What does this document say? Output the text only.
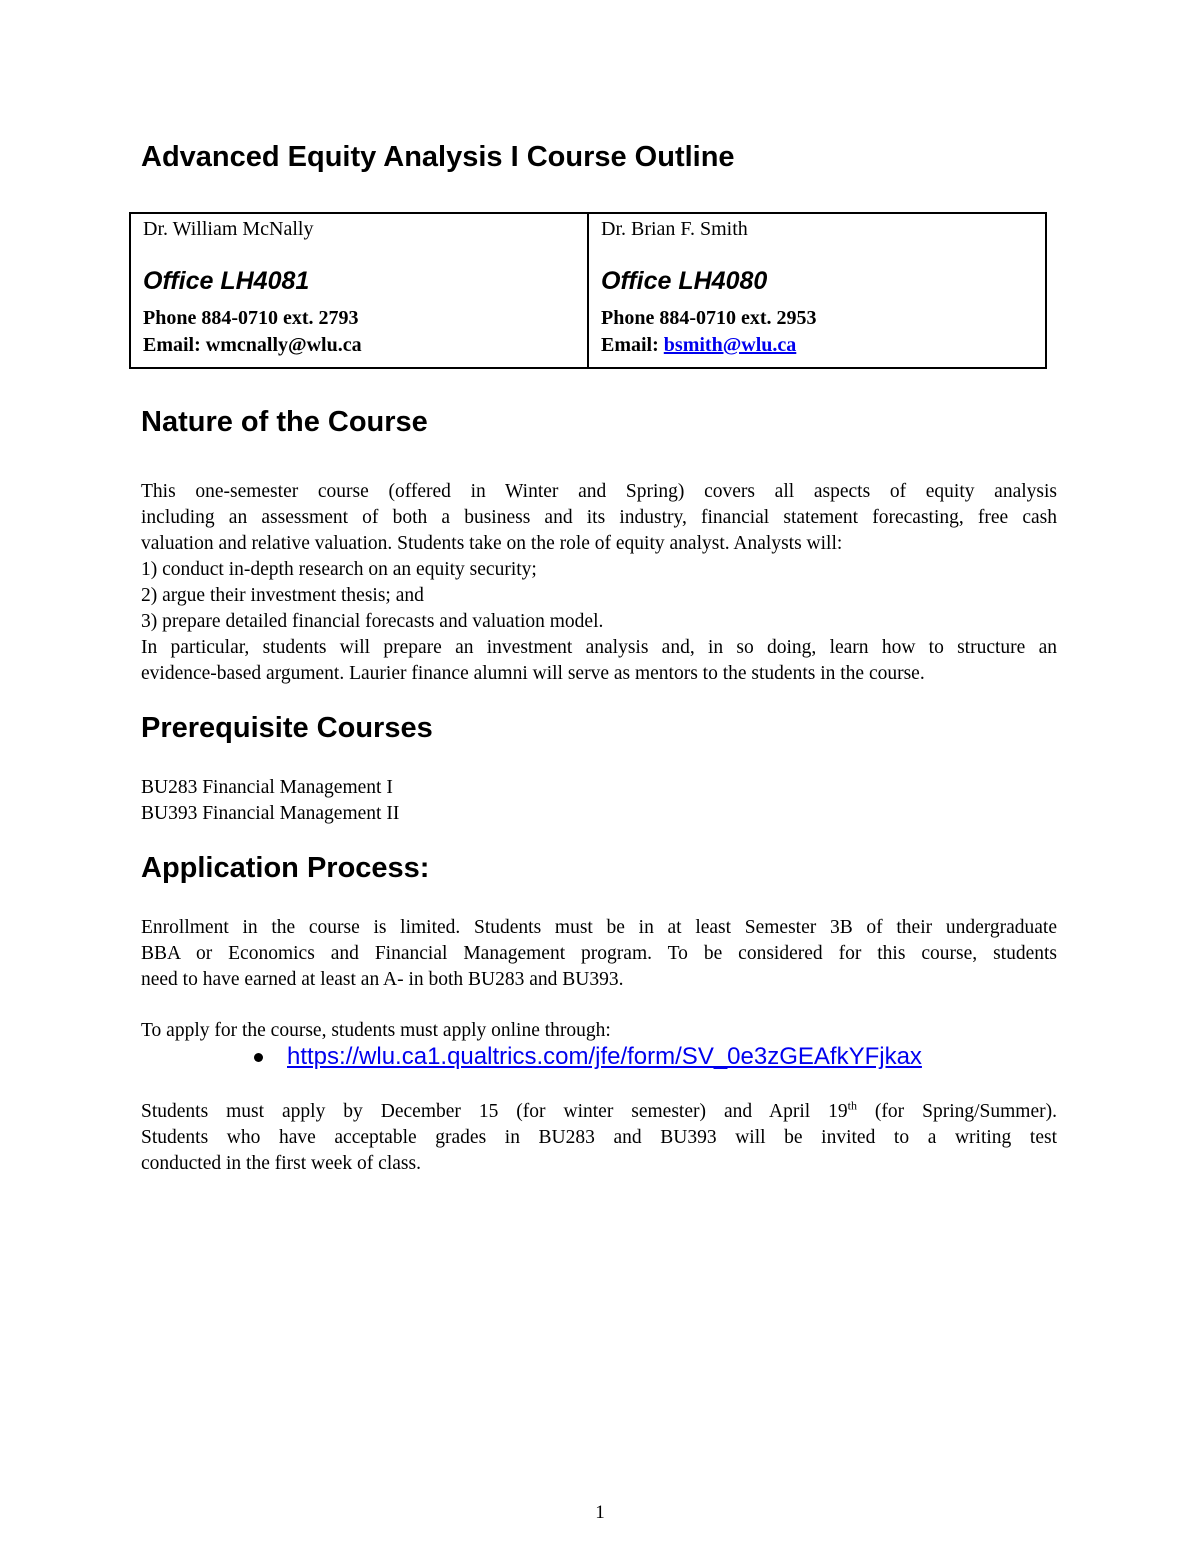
Advanced Equity Analysis I Course Outline
Dr. William McNally
Office LH4081
Phone 884-0710 ext. 2793
Email: wmcnally@wlu.ca
Dr. Brian F. Smith
Office LH4080
Phone 884-0710 ext. 2953
Email: bsmith@wlu.ca
Nature of the Course
This one-semester course (offered in Winter and Spring) covers all aspects of equity analysis
including an assessment of both a business and its industry, financial statement forecasting, free cash
valuation and relative valuation. Students take on the role of equity analyst. Analysts will:
1) conduct in-depth research on an equity security;
2) argue their investment thesis; and
3) prepare detailed financial forecasts and valuation model.
In particular, students will prepare an investment analysis and, in so doing, learn how to structure an
evidence-based argument. Laurier finance alumni will serve as mentors to the students in the course.
Prerequisite Courses
BU283 Financial Management I
BU393 Financial Management II
Application Process:
Enrollment in the course is limited. Students must be in at least Semester 3B of their undergraduate
BBA or Economics and Financial Management program. To be considered for this course, students
need to have earned at least an A- in both BU283 and BU393.
To apply for the course, students must apply online through:
https://wlu.ca1.qualtrics.com/jfe/form/SV_0e3zGEAfkYFjkax
Students must apply by December 15 (for winter semester) and April 19th (for Spring/Summer).
Students who have acceptable grades in BU283 and BU393 will be invited to a writing test
conducted in the first week of class.
1
